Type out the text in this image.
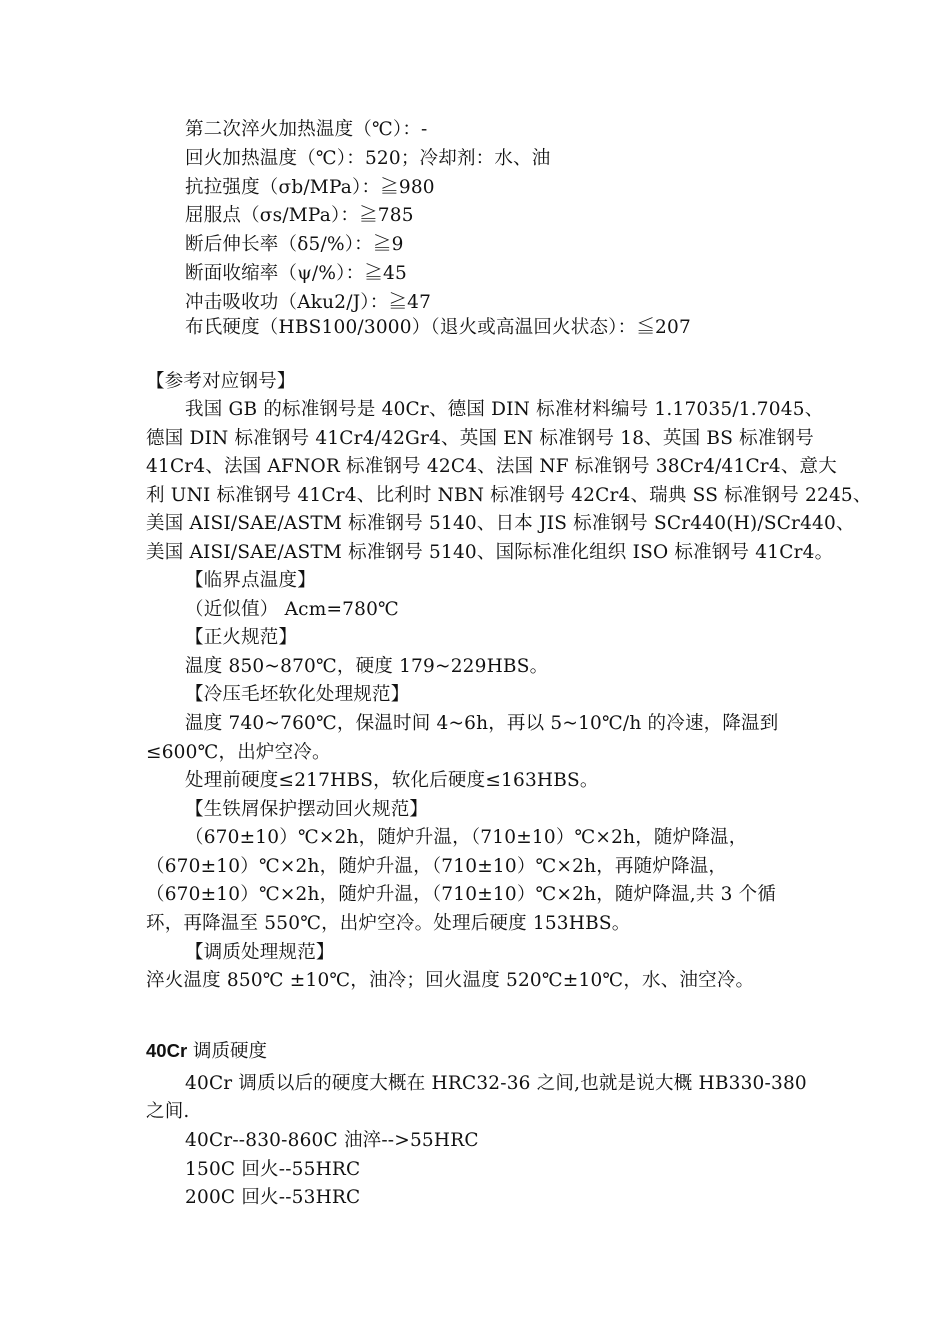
第二次淬火加热温度（℃）：-
回火加热温度（℃）：520；冷却剂：水、油
抗拉强度（σb/MPa）：≧980
屈服点（σs/MPa）：≧785
断后伸长率（δ5/%）：≧9
断面收缩率（ψ/%）：≧45
冲击吸收功（Aku2/J）：≧47
布氏硬度（HBS100/3000）（退火或高温回火状态）：≦207
【参考对应钢号】
我国 GB 的标准钢号是 40Cr、德国 DIN 标准材料编号 1.17035/1.7045、
德国 DIN 标准钢号 41Cr4/42Gr4、英国 EN 标准钢号 18、英国 BS 标准钢号
41Cr4、法国 AFNOR 标准钢号 42C4、法国 NF 标准钢号 38Cr4/41Cr4、意大
利 UNI 标准钢号 41Cr4、比利时 NBN 标准钢号 42Cr4、瑞典 SS 标准钢号 2245、
美国 AISI/SAE/ASTM 标准钢号 5140、日本 JIS 标准钢号 SCr440(H)/SCr440、
美国 AISI/SAE/ASTM 标准钢号 5140、国际标准化组织 ISO 标准钢号 41Cr4。
【临界点温度】
（近似值） Acm=780℃
【正火规范】
温度 850~870℃，硬度 179~229HBS。
【冷压毛坯软化处理规范】
温度 740~760℃，保温时间 4~6h，再以 5~10℃/h 的冷速，降温到
≤600℃，出炉空冷。
处理前硬度≤217HBS，软化后硬度≤163HBS。
【生铁屑保护摆动回火规范】
（670±10）℃×2h，随炉升温，（710±10）℃×2h，随炉降温，
（670±10）℃×2h，随炉升温，（710±10）℃×2h，再随炉降温，
（670±10）℃×2h，随炉升温，（710±10）℃×2h，随炉降温,共 3 个循
环，再降温至 550℃，出炉空冷。处理后硬度 153HBS。
【调质处理规范】
淬火温度 850℃ ±10℃，油冷；回火温度 520℃±10℃，水、油空冷。
40Cr 调质硬度
40Cr 调质以后的硬度大概在 HRC32-36 之间,也就是说大概 HB330-380
之间.
40Cr--830-860C 油淬-->55HRC
150C 回火--55HRC
200C 回火--53HRC
